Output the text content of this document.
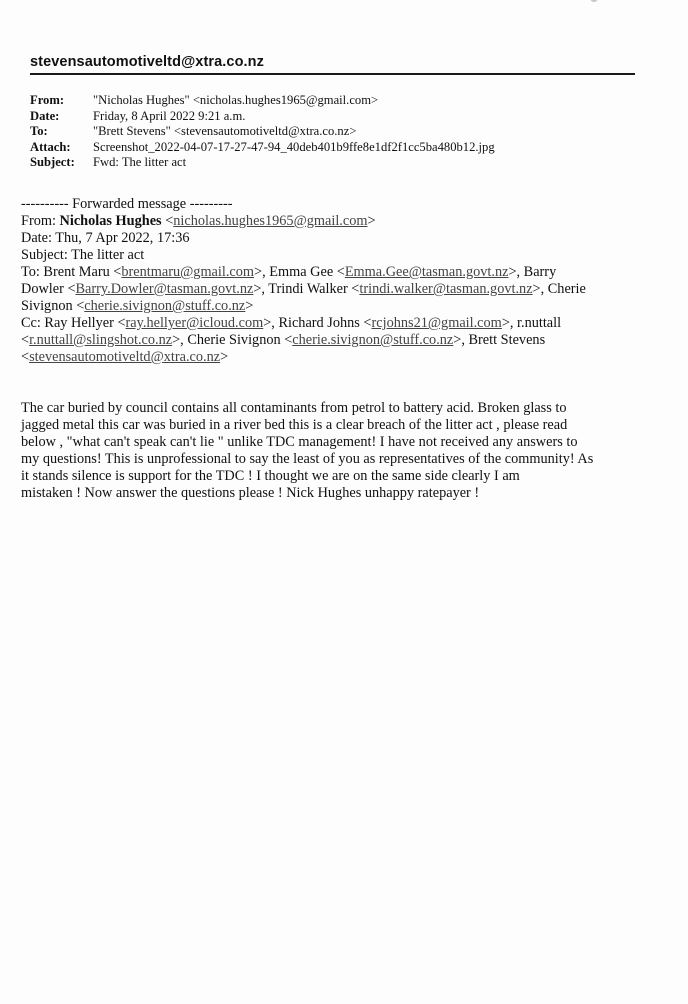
stevensautomotiveltd@xtra.co.nz
From:	"Nicholas Hughes" <nicholas.hughes1965@gmail.com>
Date:	Friday, 8 April 2022 9:21 a.m.
To:	"Brett Stevens" <stevensautomotiveltd@xtra.co.nz>
Attach:	Screenshot_2022-04-07-17-27-47-94_40deb401b9ffe8e1df2f1cc5ba480b12.jpg
Subject:	Fwd: The litter act
---------- Forwarded message ---------
From: Nicholas Hughes <nicholas.hughes1965@gmail.com>
Date: Thu, 7 Apr 2022, 17:36
Subject: The litter act
To: Brent Maru <brentmaru@gmail.com>, Emma Gee <Emma.Gee@tasman.govt.nz>, Barry
Dowler <Barry.Dowler@tasman.govt.nz>, Trindi Walker <trindi.walker@tasman.govt.nz>, Cherie
Sivignon <cherie.sivignon@stuff.co.nz>
Cc: Ray Hellyer <ray.hellyer@icloud.com>, Richard Johns <rcjohns21@gmail.com>, r.nuttall
<r.nuttall@slingshot.co.nz>, Cherie Sivignon <cherie.sivignon@stuff.co.nz>, Brett Stevens
<stevensautomotiveltd@xtra.co.nz>
The car buried by council contains all contaminants from petrol to battery acid. Broken glass to
jagged metal this car was buried in a river bed this is a clear breach of the litter act , please read
below , "what can't speak can't lie " unlike TDC management! I have not received any answers to
my questions! This is unprofessional to say the least of you as representatives of the community! As
it stands silence is support for the TDC ! I thought we are on the same side clearly I am
mistaken ! Now answer the questions please ! Nick Hughes unhappy ratepayer !
